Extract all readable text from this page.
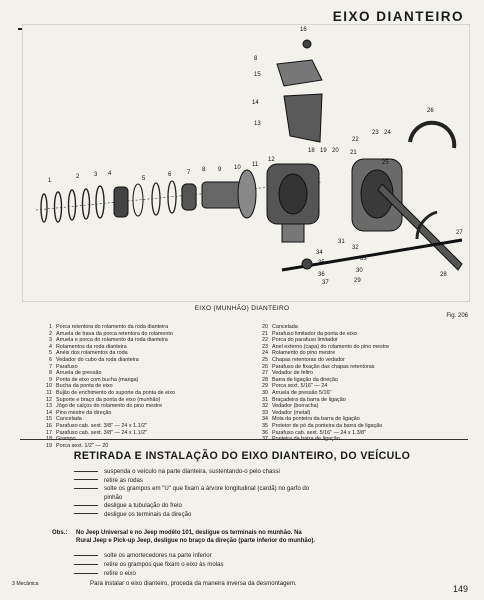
EIXO DIANTEIRO
16
8
15
14
13
12
11
10
9
8
7
6
5
4
3
2
1
18 19 20 21
22
23 24
26
25
27
28
29
30
31
32
33
34
35
36
37
EIXO (MUNHÃO) DIANTEIRO
Fig. 206
1 Porca retentora do rolamento da roda dianteira
2 Arruela de trava da porca retentora do rolamento
3 Arruela e porca do rolamento da roda dianteira
4 Rolamentos da roda dianteira
5 Anéis dos rolamentos da roda
6 Vedador do cubo da roda dianteira
7 Parafuso
8 Arruela de pressão
9 Ponta de eixo com bucha (manga)
10 Bucha da ponta de eixo
11 Bujão de enchimento do suporte da ponta de eixo
12 Suporte e braço da ponta de eixo (munhão)
13 Jôgo de calços do rolamento do pino mestre
14 Pino mestre da direção
15 Cancelada
16 Parafuso cab. sext. 3/8" — 24 x 1.1/2"
17 Parafuso cab. sext. 3/8" — 24 x 1.1/2"
18 Grampo
19 Porca sext. 1/2" — 20
20 Cancelada
21 Parafuso limitador da ponta de eixo
22 Porca do parafuso limitador
23 Anel externo (capa) do rolamento do pino mestre
24 Rolamento do pino mestre
25 Chapas retentoras do vedador
26 Parafuso de fixação das chapas retentoras
27 Vedador de feltro
28 Barra de ligação da direção
29 Porca sext. 5/16" — 24
30 Arruela de pressão 5/16"
31 Braçadeira da barra de ligação
32 Vedador (borracha)
33 Vedador (metal)
34 Mola da ponteira da barra de ligação
35 Protetor de pó da ponteira da barra de ligação
36 Parafuso cab. sext. 5/16" — 24 x 1.3/8"
37 Ponteira da barra de ligação
RETIRADA E INSTALAÇÃO DO EIXO DIANTEIRO, DO VEÍCULO
suspenda o veículo na parte dianteira, sustentando-o pelo chassi
retire as rodas
solte os grampos em "U" que fixam a árvore longitudinal (cardã) no garfo do
pinhão
desligue a tubulação do freio
desligue os terminais da direção
Obs.: No Jeep Universal e no Jeep modêlo 101, desligue os terminais no munhão. Na
Rural Jeep e Pick-up Jeep, desligue no braço da direção (parte inferior do munhão).
solte os amortecedores na parte inferior
retire os grampos que fixam o eixo às molas
retire o eixo
Para instalar o eixo dianteiro, proceda da maneira inversa da desmontagem.
3 Mecânica	149
